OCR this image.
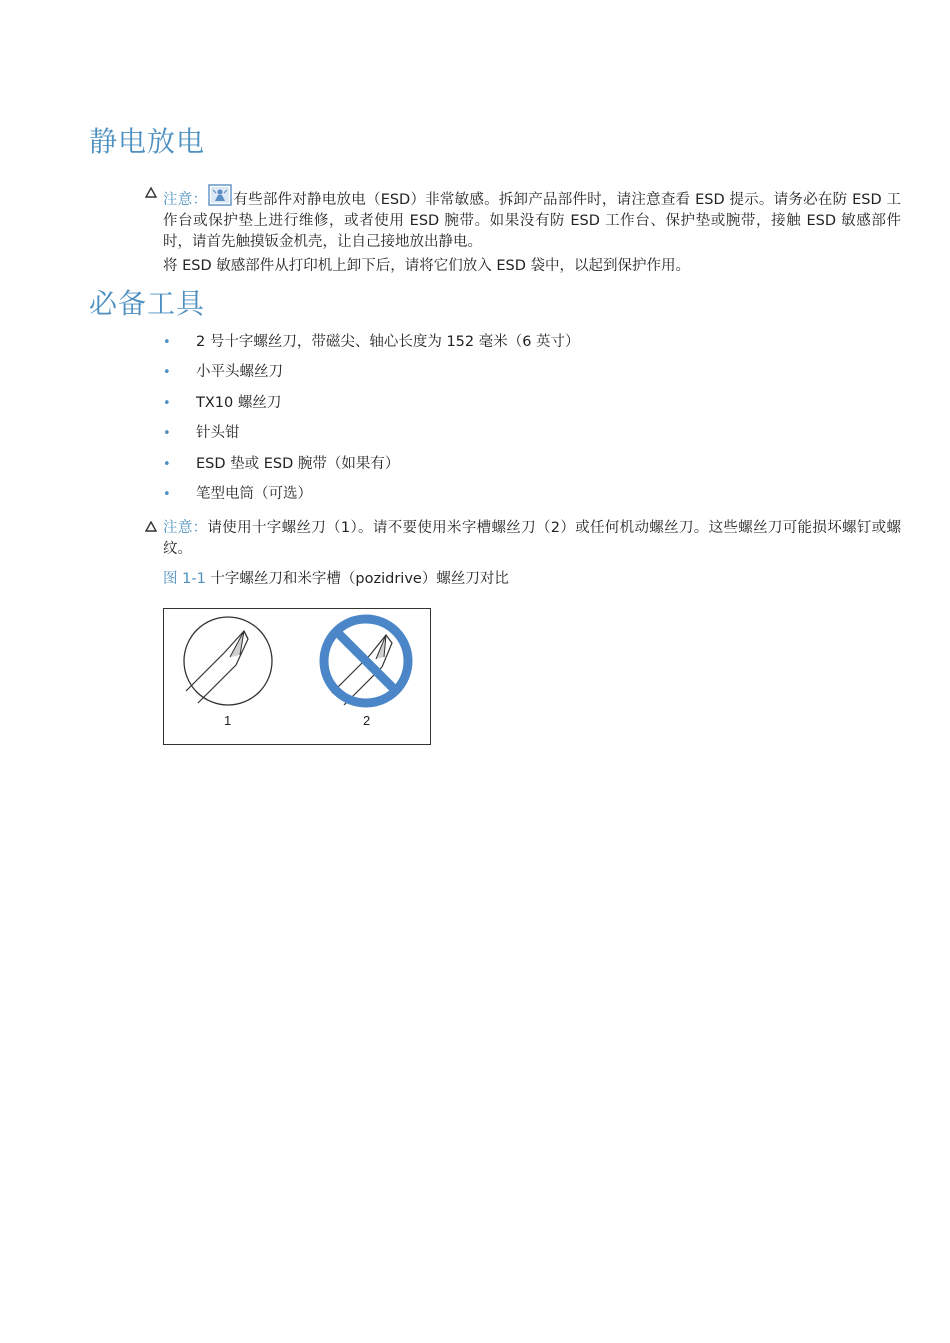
静电放电
注意： 有些部件对静电放电（ESD）非常敏感。拆卸产品部件时，请注意查看 ESD 提示。请务必在防 ESD 工作台或保护垫上进行维修，或者使用 ESD 腕带。如果没有防 ESD 工作台、保护垫或腕带，接触 ESD 敏感部件时，请首先触摸钣金机壳，让自己接地放出静电。
将 ESD 敏感部件从打印机上卸下后，请将它们放入 ESD 袋中，以起到保护作用。
必备工具
• 2 号十字螺丝刀，带磁尖、轴心长度为 152 毫米（6 英寸）
• 小平头螺丝刀
• TX10 螺丝刀
• 针头钳
• ESD 垫或 ESD 腕带（如果有）
• 笔型电筒（可选）
注意：请使用十字螺丝刀（1）。请不要使用米字槽螺丝刀（2）或任何机动螺丝刀。这些螺丝刀可能损坏螺钉或螺纹。
图 1-1 十字螺丝刀和米字槽（pozidrive）螺丝刀对比
1	2
